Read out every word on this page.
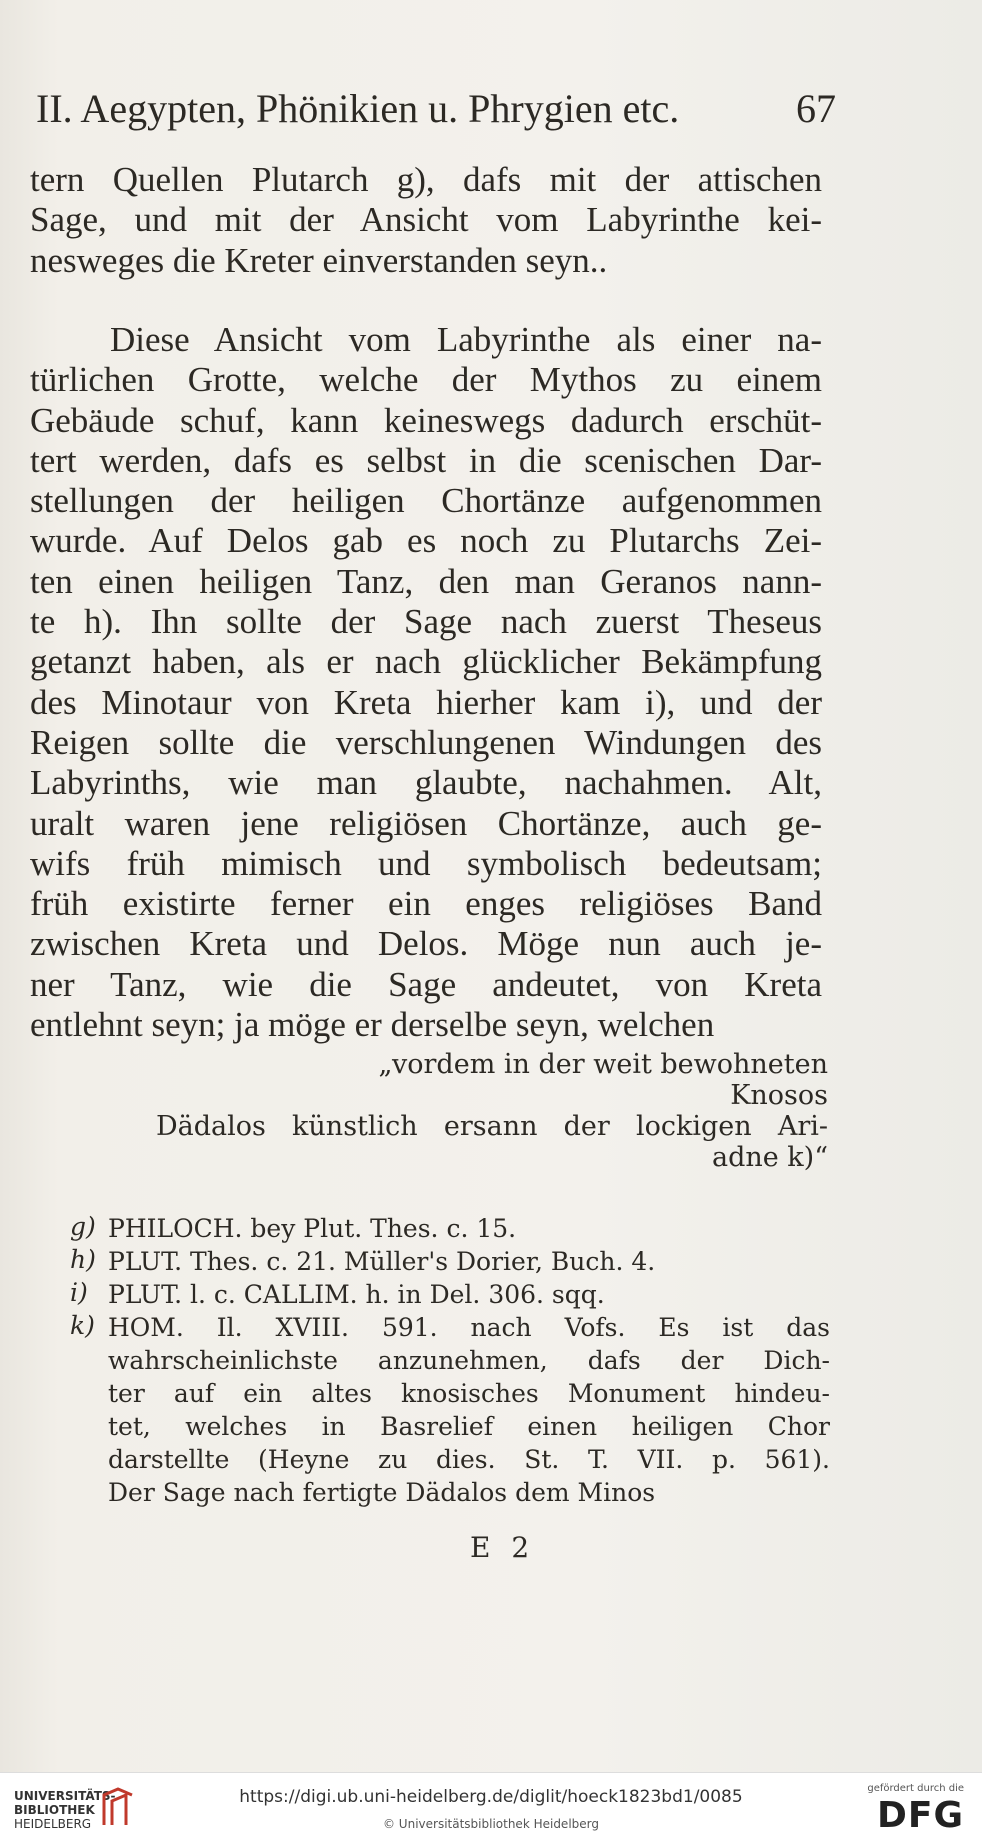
II. Aegypten, Phönikien u. Phrygien etc.	67
tern Quellen Plutarch g), dafs mit der attischen
Sage, und mit der Ansicht vom Labyrinthe kei-
nesweges die Kreter einverstanden seyn..
Diese Ansicht vom Labyrinthe als einer na-
türlichen Grotte, welche der Mythos zu einem
Gebäude schuf, kann keineswegs dadurch erschüt-
tert werden, dafs es selbst in die scenischen Dar-
stellungen der heiligen Chortänze aufgenommen
wurde. Auf Delos gab es noch zu Plutarchs Zei-
ten einen heiligen Tanz, den man Geranos nann-
te h). Ihn sollte der Sage nach zuerst Theseus
getanzt haben, als er nach glücklicher Bekämpfung
des Minotaur von Kreta hierher kam i), und der
Reigen sollte die verschlungenen Windungen des
Labyrinths, wie man glaubte, nachahmen. Alt,
uralt waren jene religiösen Chortänze, auch ge-
wifs früh mimisch und symbolisch bedeutsam;
früh existirte ferner ein enges religiöses Band
zwischen Kreta und Delos. Möge nun auch je-
ner Tanz, wie die Sage andeutet, von Kreta
entlehnt seyn; ja möge er derselbe seyn, welchen
„vordem in der weit bewohneten
Knosos
Dädalos künstlich ersann der lockigen Ari-
adne k)“
g) PHILOCH. bey Plut. Thes. c. 15.
h) PLUT. Thes. c. 21. Müller's Dorier, Buch. 4.
i) PLUT. l. c. CALLIM. h. in Del. 306. sqq.
k) HOM. Il. XVIII. 591. nach Vofs. Es ist das
wahrscheinlichste anzunehmen, dafs der Dich-
ter auf ein altes knosisches Monument hindeu-
tet, welches in Basrelief einen heiligen Chor
darstellte (Heyne zu dies. St. T. VII. p. 561).
Der Sage nach fertigte Dädalos dem Minos
E 2
UNIVERSITÄTS-
BIBLIOTHEK
HEIDELBERG
https://digi.ub.uni-heidelberg.de/diglit/hoeck1823bd1/0085
© Universitätsbibliothek Heidelberg
gefördert durch die
DFG
